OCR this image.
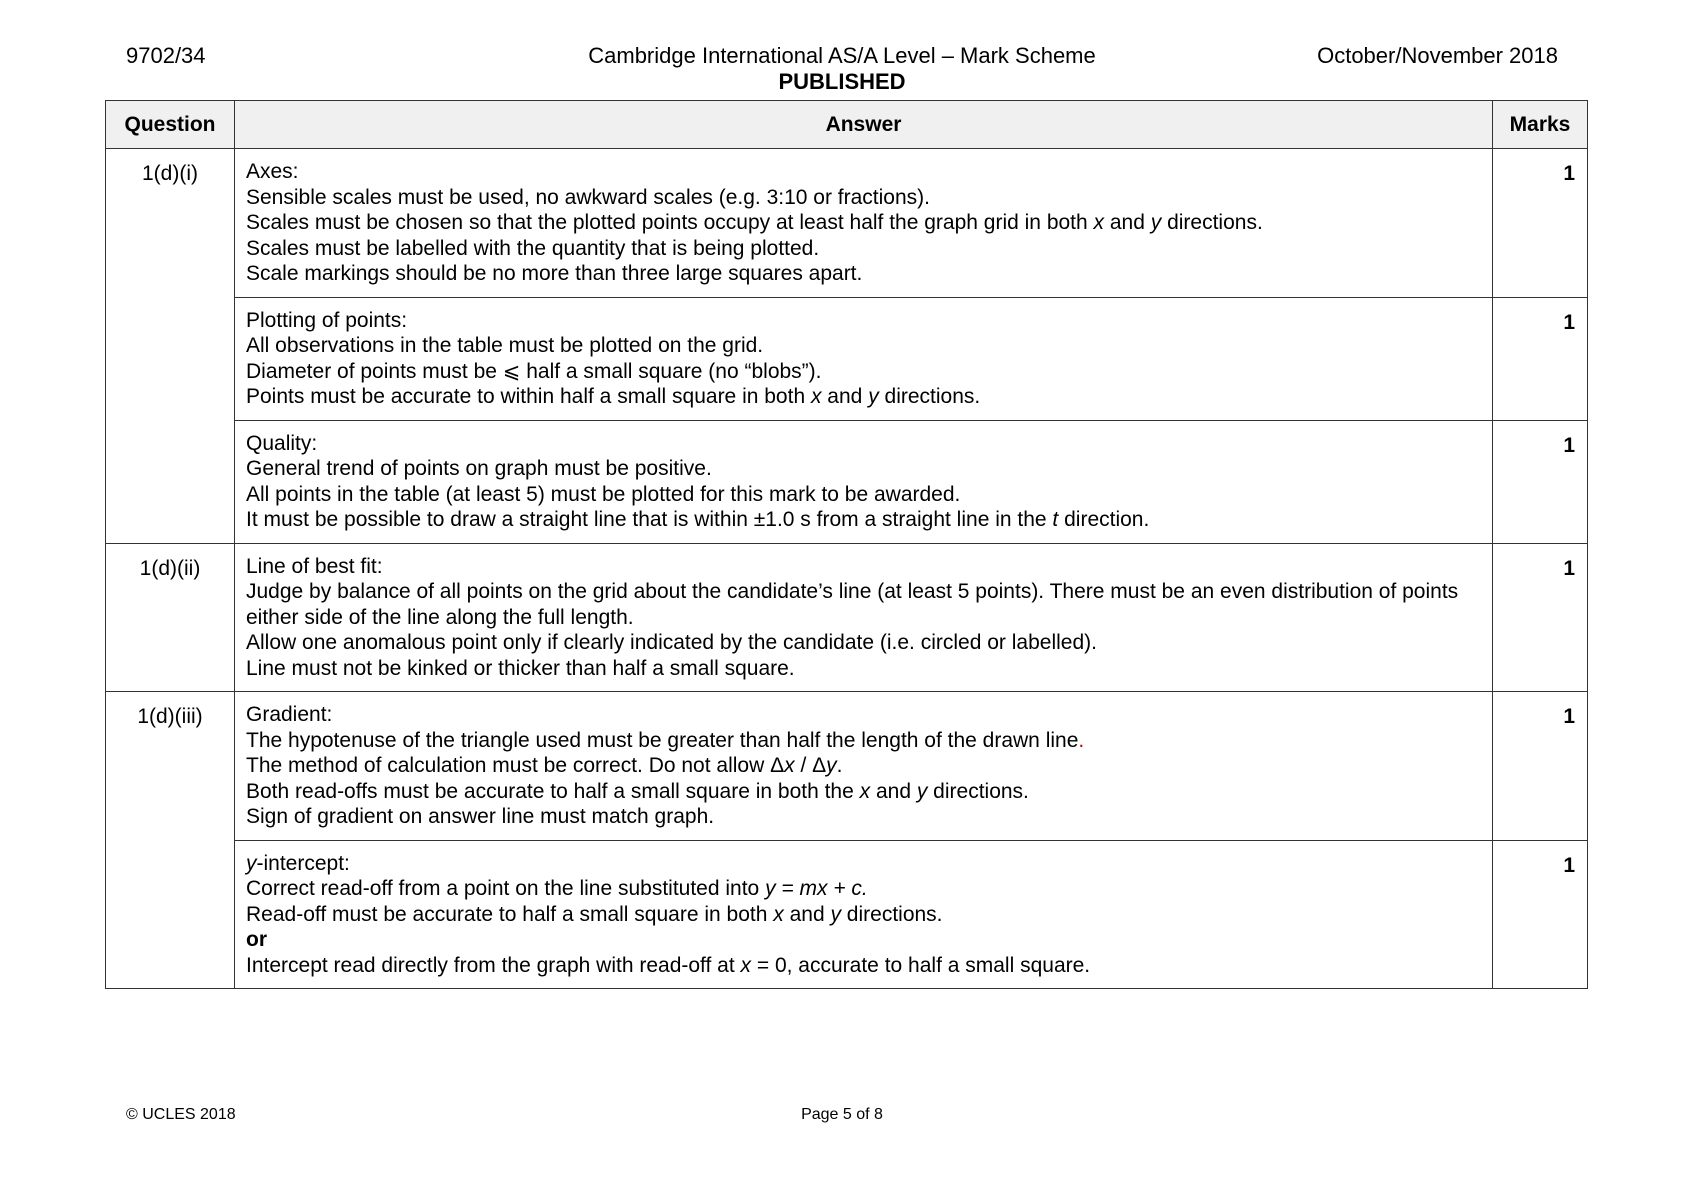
9702/34	Cambridge International AS/A Level – Mark Scheme
PUBLISHED
October/November 2018
Question	Answer	Marks
1(d)(i)	Axes:
Sensible scales must be used, no awkward scales (e.g. 3:10 or fractions).
Scales must be chosen so that the plotted points occupy at least half the graph grid in both x and y directions.
Scales must be labelled with the quantity that is being plotted.
Scale markings should be no more than three large squares apart.	1

	Plotting of points:
All observations in the table must be plotted on the grid.
Diameter of points must be ⩽ half a small square (no “blobs”).
Points must be accurate to within half a small square in both x and y directions.	1

	Quality:
General trend of points on graph must be positive.
All points in the table (at least 5) must be plotted for this mark to be awarded.
It must be possible to draw a straight line that is within ±1.0 s from a straight line in the t direction.	1
1(d)(ii)	Line of best fit:
Judge by balance of all points on the grid about the candidate’s line (at least 5 points). There must be an even distribution of points either side of the line along the full length.
Allow one anomalous point only if clearly indicated by the candidate (i.e. circled or labelled).
Line must not be kinked or thicker than half a small square.	1
1(d)(iii)	Gradient:
The hypotenuse of the triangle used must be greater than half the length of the drawn line.
The method of calculation must be correct. Do not allow Δx / Δy.
Both read-offs must be accurate to half a small square in both the x and y directions.
Sign of gradient on answer line must match graph.	1

	y-intercept:
Correct read-off from a point on the line substituted into y = mx + c.
Read-off must be accurate to half a small square in both x and y directions.
or
Intercept read directly from the graph with read-off at x = 0, accurate to half a small square.	1
© UCLES 2018	Page 5 of 8
